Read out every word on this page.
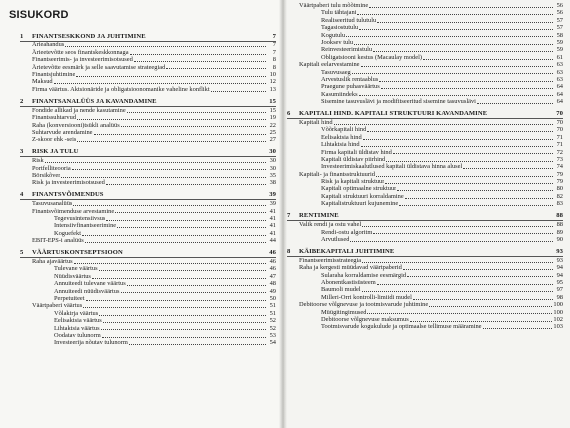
SISUKORD
1	FINANTSESKKOND JA JUHTIMINE	7
Ärieahandus	7
Ärieetevõtte seos finantskeskkonnaga	7
Finantseerimis- ja investeerimisotsused	8
Ärietevõtte eesmärk ja selle saavutamise strateegiad	8
Finantsjuhtimine	10
Maksud	12
Firma väärtus. Aktsionäride ja obligatsioonomanike vaheline konflikt	13
2	FINANTSANALÜÜS JA KAVANDAMINE	15
Fondide allikad ja nende kasutamine	15
Finantssuhtarvud	19
Raha (konversiooni)tsükli analüüs	22
Suhtarvude arendamine	25
Z-skoor ehk -seis	27
3	RISK JA TULU	30
Risk	30
Portfelliteooria	30
Börsikõver	35
Risk ja investeerimisotsused	38
4	FINANTSVÕIMENDUS	39
Tasuvusanalüüs	39
Finantsvõimenduse arvestamine	41
Tegevusintensiivsus	41
Intensiivfinantseerimine	41
Koguefekt	41
EBIT-EPS-i analüüs	44
5	VÄÄRTUSKONTSEPTSIOON	46
Raha ajaväärtus	46
Tulevane väärtus	46
Nüüdisväärtus	47
Annuiteedi tulevane väärtus	48
Annuiteedi nüüdisväärtus	49
Perpetuiteet	50
Väärtpaberi väärtus	51
Võlakirja väärtus	51
Eelisaktsia väärtus	52
Lihtaktsia väärtus	52
Oodatav tulunorm	53
Investeerija nõutav tulunorm	54
Väärtpaberi tulu mõõtmine	56
Tulu tähtajani	56
Realiseeritud tulutulu	57
Tagasiostutulu	57
Kogutulu	58
Jooksev tulu	59
Reinvesteerimistulu	59
Obligatsiooni kestus (Macaulay model)	61
Kapitali eelarvestamine	63
Tasuvusaeg	63
Arvestuslik rentaablus	63
Praegune puhasväärtus	64
Kasumiindeks	64
Sisemine tasuvuslävi ja modifitseeritud sisemine tasuvuslävi	64
6	KAPITALI HIND. KAPITALI STRUKTUURI KAVANDAMINE	70
Kapitali hind	70
Võõrkapitali hind	70
Eelisaktsia hind	71
Lihtaktsia hind	71
Firma kapitali üldistav hind	72
Kapitali üldistav piirhind	73
Investeerimiskaalutlused kapitali üldistava hinna alusel	74
Kapitali- ja finantsstruktuurid	79
Risk ja kapitali struktuur	79
Kapitali optimaalne struktuur	80
Kapitali struktuuri korraldamine	82
Kapitalistruktuuri kujunemine	83
7	RENTIMINE	88
Valik rendi ja ostu vahel	88
Rendi-ostu algoritm	89
Arvutlused	90
8	KÄIBEKAPITALI JUHTIMINE	93
Finantseerimisstrateegia	93
Raha ja kergesti müüdavad väärtpaberid	94
Sularaha korraldamise eesmärgid	94
Abonentkastisüsteem	95
Baumoli mudel	97
Milleri-Orri kontrolli-limiidi mudel	98
Debitoorse võlgnevuse ja tootmisvarude juhtimine	100
Müügitingimused	100
Debitoorse võlgnevuse maksumus	102
Tootmisvarude kogukulude ja optimaalse tellimuse määramine	103
